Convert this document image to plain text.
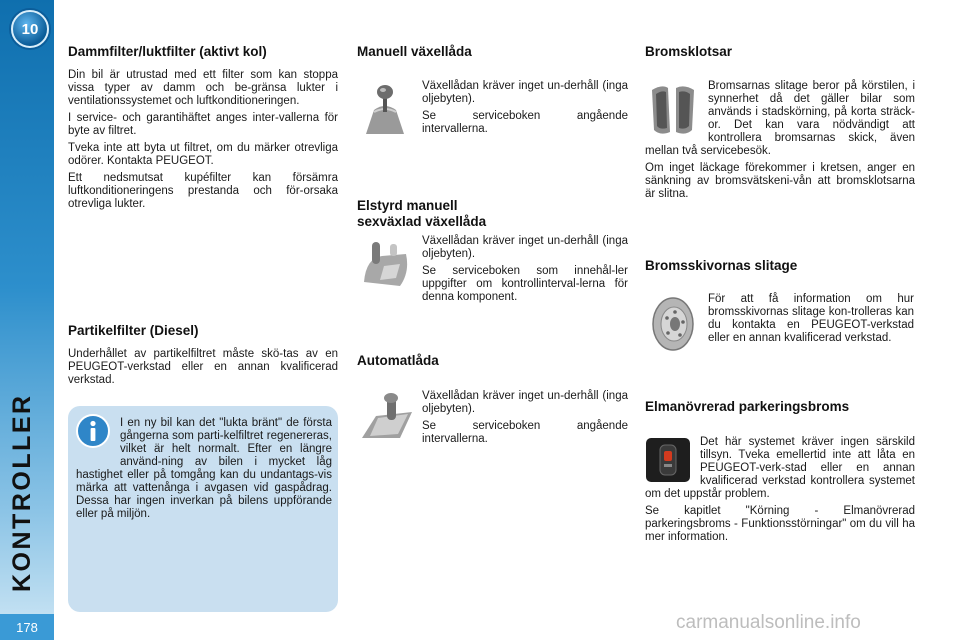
10
KONTROLLER
178
Dammfilter/luktfilter (aktivt kol)

Din bil är utrustad med ett filter som kan stoppa vissa typer av damm och be-gränsa lukter i ventilationssystemet och luftkonditioneringen.

I service- och garantihäftet anges inter-vallerna för byte av filtret.

Tveka inte att byta ut filtret, om du märker otrevliga odörer. Kontakta PEUGEOT.

Ett nedsmutsat kupéfilter kan försämra luftkonditioneringens prestanda och för-orsaka otrevliga lukter.

Partikelfilter (Diesel)

Underhållet av partikelfiltret måste skö-tas av en PEUGEOT-verkstad eller en annan kvalificerad verkstad.

I en ny bil kan det "lukta bränt" de första gångerna som parti-kelfiltret regenereras, vilket är helt normalt. Efter en längre använd-ning av bilen i mycket låg hastighet eller på tomgång kan du undantags-vis märka att vattenånga i avgasen vid gaspådrag. Dessa har ingen inverkan på bilens uppförande eller på miljön.

Manuell växellåda

Växellådan kräver inget un-derhåll (inga oljebyten).

Se serviceboken angående intervallerna.

Elstyrd manuell
sexväxlad växellåda

Växellådan kräver inget un-derhåll (inga oljebyten).

Se serviceboken som innehål-ler uppgifter om kontrollinterval-lerna för denna komponent.

Automatlåda

Växellådan kräver inget un-derhåll (inga oljebyten).

Se serviceboken angående intervallerna.

Bromsklotsar

Bromsarnas slitage beror på körstilen, i synnerhet då det gäller bilar som används i stadskörning, på korta sträck-or. Det kan vara nödvändigt att kontrollera bromsarnas skick, även mellan två servicebesök.

Om inget läckage förekommer i kretsen, anger en sänkning av bromsvätskeni-vån att bromsklotsarna är slitna.

Bromsskivornas slitage

För att få information om hur bromsskivornas slitage kon-trolleras kan du kontakta en PEUGEOT-verkstad eller en annan kvalificerad verkstad.

Elmanövrerad parkeringsbroms

Det här systemet kräver ingen särskild tillsyn. Tveka emellertid inte att låta en PEUGEOT-verk-stad eller en annan kvalificerad verkstad kontrollera systemet om det uppstår problem.

Se kapitlet "Körning - Elmanövrerad parkeringsbroms - Funktionsstörningar" om du vill ha mer information.

carmanualsonline.info
